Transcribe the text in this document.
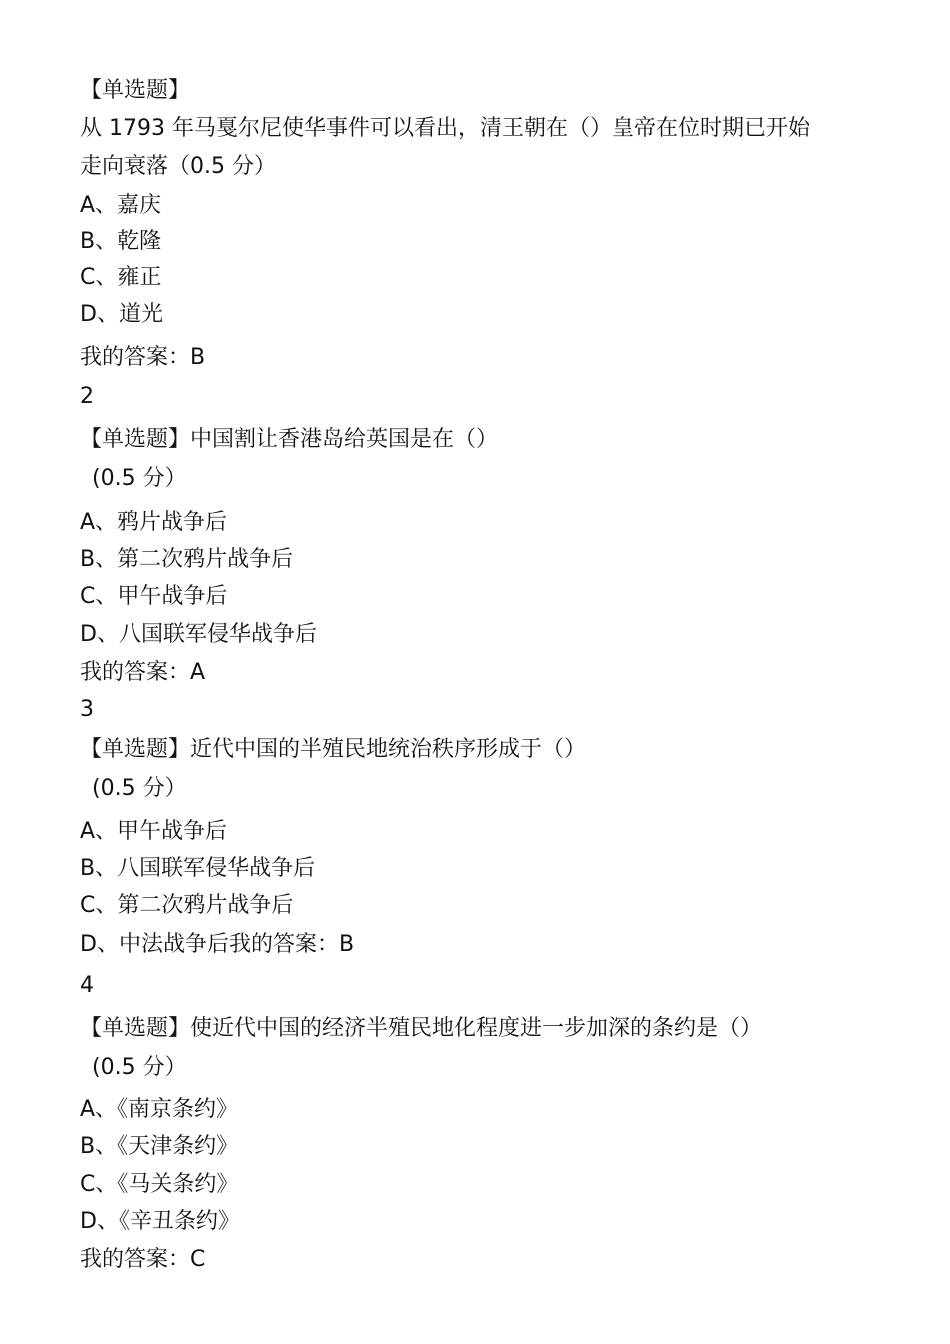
【单选题】
从 1793 年马戛尔尼使华事件可以看出，清王朝在（）皇帝在位时期已开始
走向衰落（0.5 分）
A、嘉庆
B、乾隆
C、雍正
D、道光
我的答案：B
2
【单选题】中国割让香港岛给英国是在（）
(0.5 分）
A、鸦片战争后
B、第二次鸦片战争后
C、甲午战争后
D、八国联军侵华战争后
我的答案：A
3
【单选题】近代中国的半殖民地统治秩序形成于（）
(0.5 分）
A、甲午战争后
B、八国联军侵华战争后
C、第二次鸦片战争后
D、中法战争后我的答案：B
4
【单选题】使近代中国的经济半殖民地化程度进一步加深的条约是（）
(0.5 分）
A、《南京条约》
B、《天津条约》
C、《马关条约》
D、《辛丑条约》
我的答案：C
